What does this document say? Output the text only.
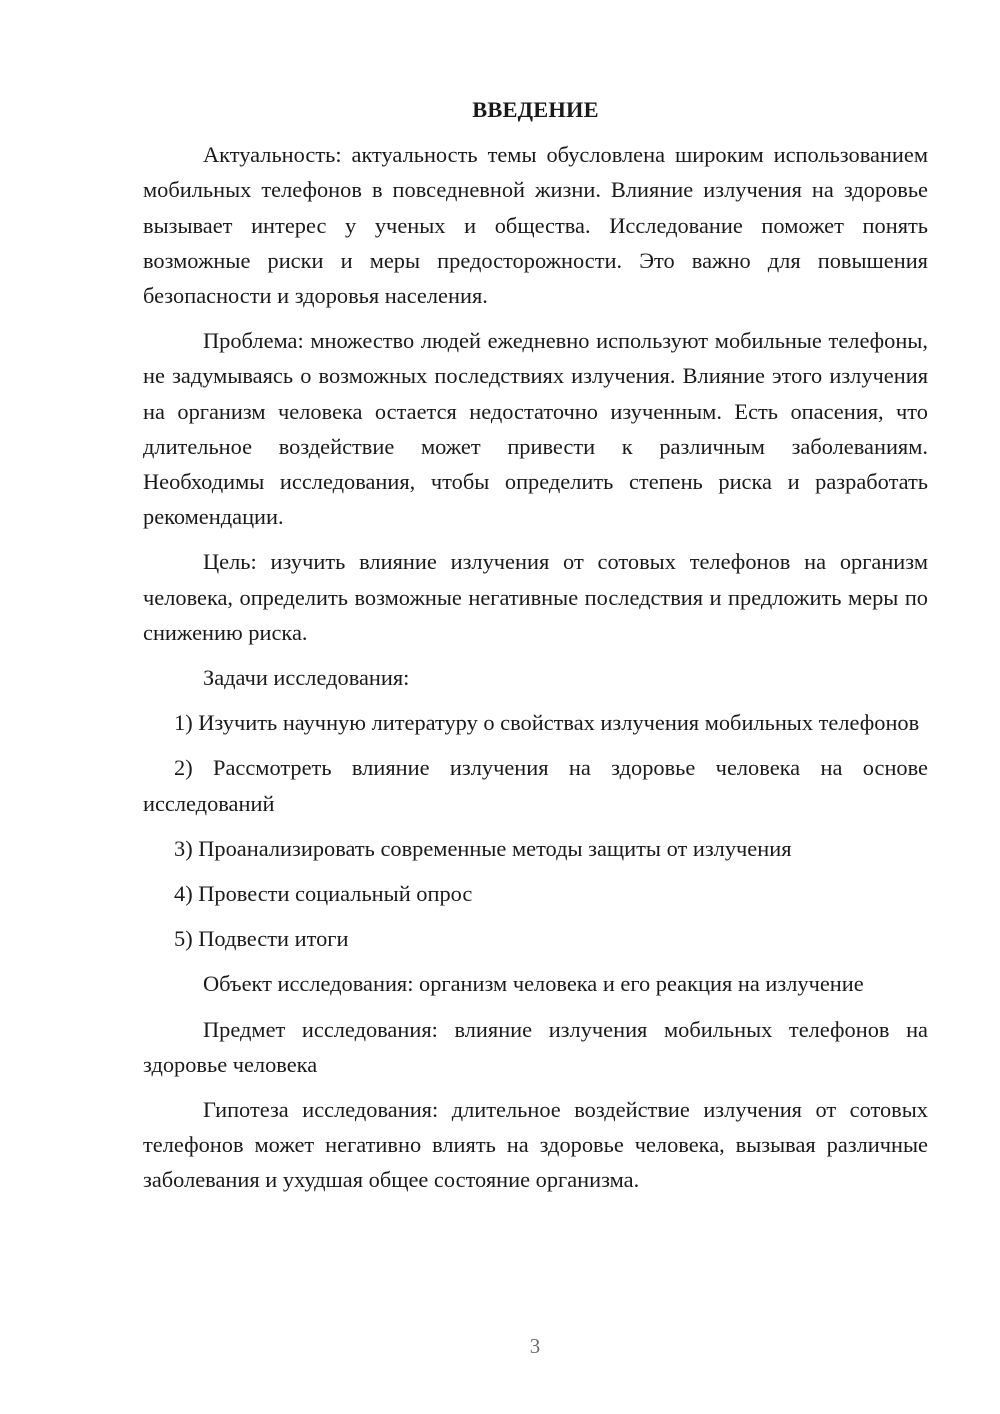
ВВЕДЕНИЕ

Актуальность: актуальность темы обусловлена широким использованием мобильных телефонов в повседневной жизни. Влияние излучения на здоровье вызывает интерес у ученых и общества. Исследование поможет понять возможные риски и меры предосторожности. Это важно для повышения безопасности и здоровья населения.

Проблема: множество людей ежедневно используют мобильные телефоны, не задумываясь о возможных последствиях излучения. Влияние этого излучения на организм человека остается недостаточно изученным. Есть опасения, что длительное воздействие может привести к различным заболеваниям. Необходимы исследования, чтобы определить степень риска и разработать рекомендации.

Цель: изучить влияние излучения от сотовых телефонов на организм человека, определить возможные негативные последствия и предложить меры по снижению риска.

Задачи исследования:

1) Изучить научную литературу о свойствах излучения мобильных телефонов

2) Рассмотреть влияние излучения на здоровье человека на основе исследований

3) Проанализировать современные методы защиты от излучения

4) Провести социальный опрос

5) Подвести итоги

Объект исследования: организм человека и его реакция на излучение

Предмет исследования: влияние излучения мобильных телефонов на здоровье человека

Гипотеза исследования: длительное воздействие излучения от сотовых телефонов может негативно влиять на здоровье человека, вызывая различные заболевания и ухудшая общее состояние организма.

3
